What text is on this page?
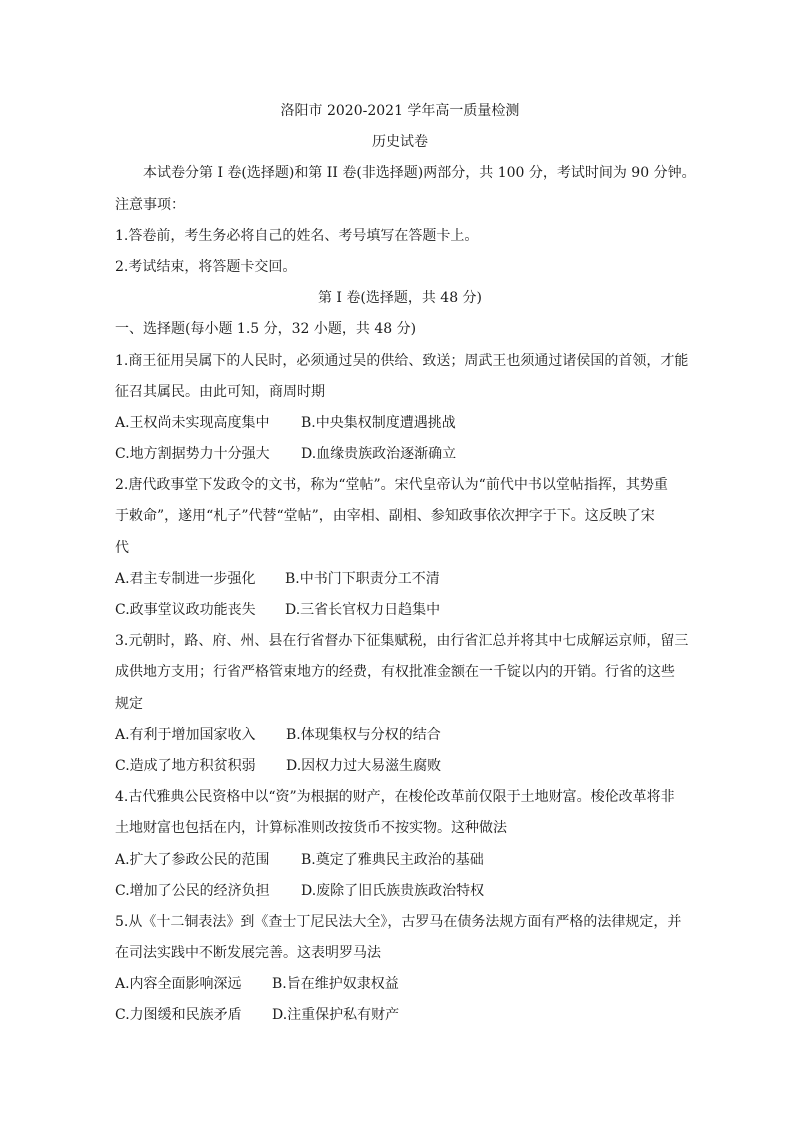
洛阳市 2020-2021 学年高一质量检测
历史试卷
本试卷分第 I 卷(选择题)和第 II 卷(非选择题)两部分，共 100 分，考试时间为 90 分钟。
注意事项：
1.答卷前，考生务必将自己的姓名、考号填写在答题卡上。
2.考试结束，将答题卡交回。
第 I 卷(选择题，共 48 分)
一、选择题(每小题 1.5 分，32 小题，共 48 分)
1.商王征用吴属下的人民时，必须通过吴的供给、致送；周武王也须通过诸侯国的首领，才能
征召其属民。由此可知，商周时期
A.王权尚未实现高度集中 B.中央集权制度遭遇挑战
C.地方割据势力十分强大 D.血缘贵族政治逐渐确立
2.唐代政事堂下发政令的文书，称为“堂帖”。宋代皇帝认为“前代中书以堂帖指挥，其势重
于敕命”，遂用“札子”代替“堂帖”，由宰相、副相、参知政事依次押字于下。这反映了宋
代
A.君主专制进一步强化 B.中书门下职责分工不清
C.政事堂议政功能丧失 D.三省长官权力日趋集中
3.元朝时，路、府、州、县在行省督办下征集赋税，由行省汇总并将其中七成解运京师，留三
成供地方支用；行省严格管束地方的经费，有权批准金额在一千锭以内的开销。行省的这些
规定
A.有利于增加国家收入 B.体现集权与分权的结合
C.造成了地方积贫积弱 D.因权力过大易滋生腐败
4.古代雅典公民资格中以“资”为根据的财产，在梭伦改革前仅限于土地财富。梭伦改革将非
土地财富也包括在内，计算标准则改按货币不按实物。这种做法
A.扩大了参政公民的范围 B.奠定了雅典民主政治的基础
C.增加了公民的经济负担 D.废除了旧氏族贵族政治特权
5.从《十二铜表法》到《查士丁尼民法大全》，古罗马在债务法规方面有严格的法律规定，并
在司法实践中不断发展完善。这表明罗马法
A.内容全面影响深远 B.旨在维护奴隶权益
C.力图缓和民族矛盾 D.注重保护私有财产
